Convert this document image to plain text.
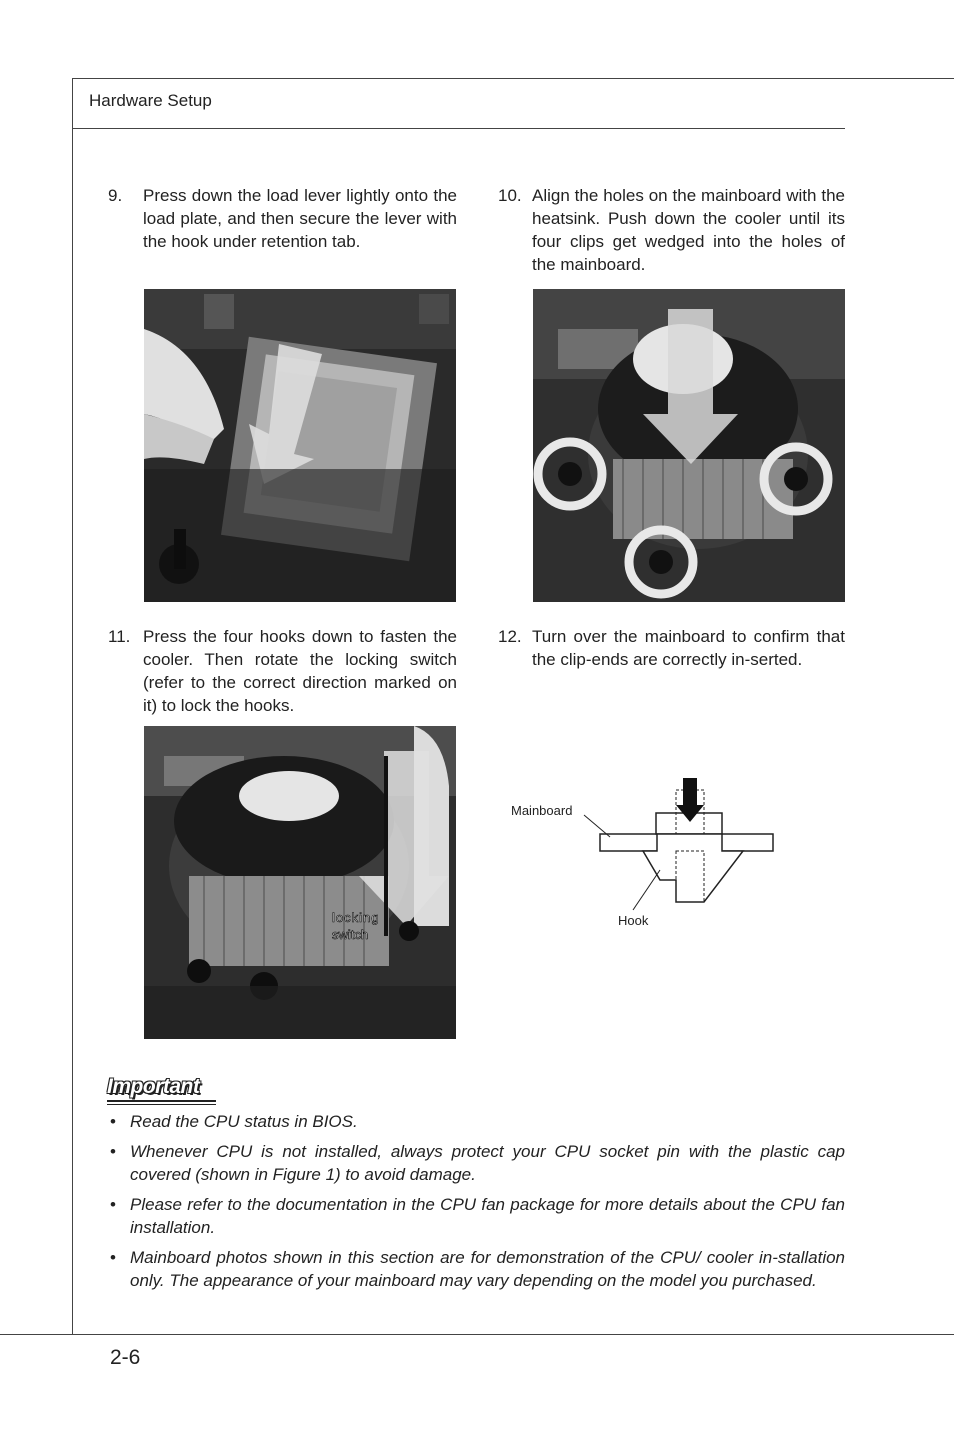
Hardware Setup
9. Press down the load lever lightly onto the load plate, and then secure the lever with the hook under retention tab.
10. Align the holes on the mainboard with the heatsink. Push down the cooler until its four clips get wedged into the holes of the mainboard.
11. Press the four hooks down to fasten the cooler. Then rotate the locking switch (refer to the correct direction marked on it) to lock the hooks.
12. Turn over the mainboard to confirm that the clip-ends are correctly in-serted.
locking
switch
Mainboard
Hook
Important
• Read the CPU status in BIOS.
• Whenever CPU is not installed, always protect your CPU socket pin with the plastic cap covered (shown in Figure 1) to avoid damage.
• Please refer to the documentation in the CPU fan package for more details about the CPU fan installation.
• Mainboard photos shown in this section are for demonstration of the CPU/ cooler in-stallation only. The appearance of your mainboard may vary depending on the model you purchased.
2-6
